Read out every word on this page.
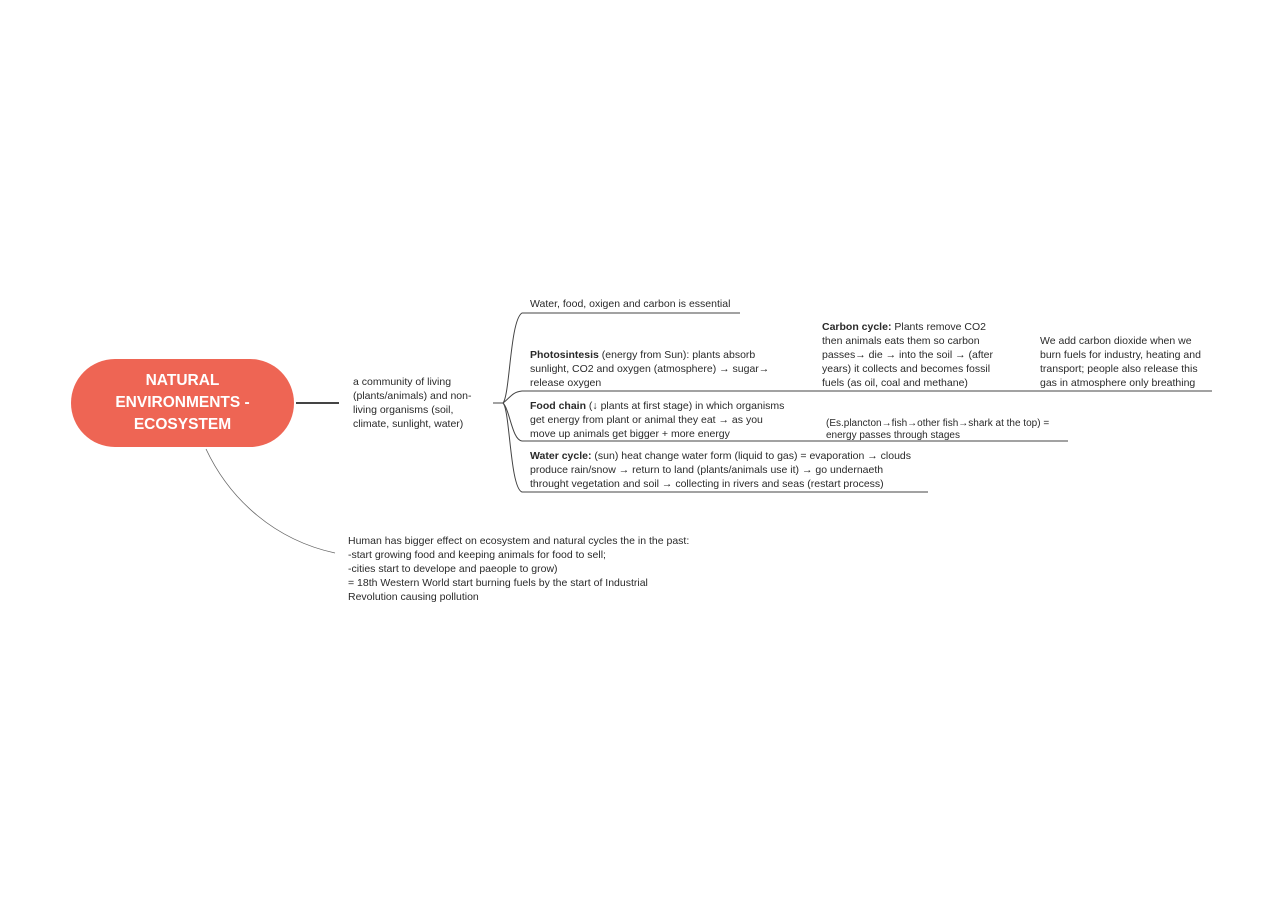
NATURAL ENVIRONMENTS - ECOSYSTEM
a community of living (plants/animals) and non-living organisms (soil, climate, sunlight, water)
Water, food, oxigen and carbon is essential
Photosintesis (energy from Sun): plants absorb sunlight, CO2 and oxygen (atmosphere) → sugar→ release oxygen
Carbon cycle: Plants remove CO2 then animals eats them so carbon passes→ die → into the soil → (after years) it collects and becomes fossil fuels (as oil, coal and methane)
We add carbon dioxide when we burn fuels for industry, heating and transport; people also release this gas in atmosphere only breathing
Food chain (↓ plants at first stage) in which organisms get energy from plant or animal they eat → as you move up animals get bigger + more energy
(Es.plancton→fish→other fish→shark at the top) = energy passes through stages
Water cycle: (sun) heat change water form (liquid to gas) = evaporation → clouds produce rain/snow → return to land (plants/animals use it) → go undernaeth throught vegetation and soil → collecting in rivers and seas (restart process)
Human has bigger effect on ecosystem and natural cycles the in the past:
-start growing food and keeping animals for food to sell;
-cities start to develope and paeople to grow)
= 18th Western World start burning fuels by the start of Industrial Revolution causing pollution
